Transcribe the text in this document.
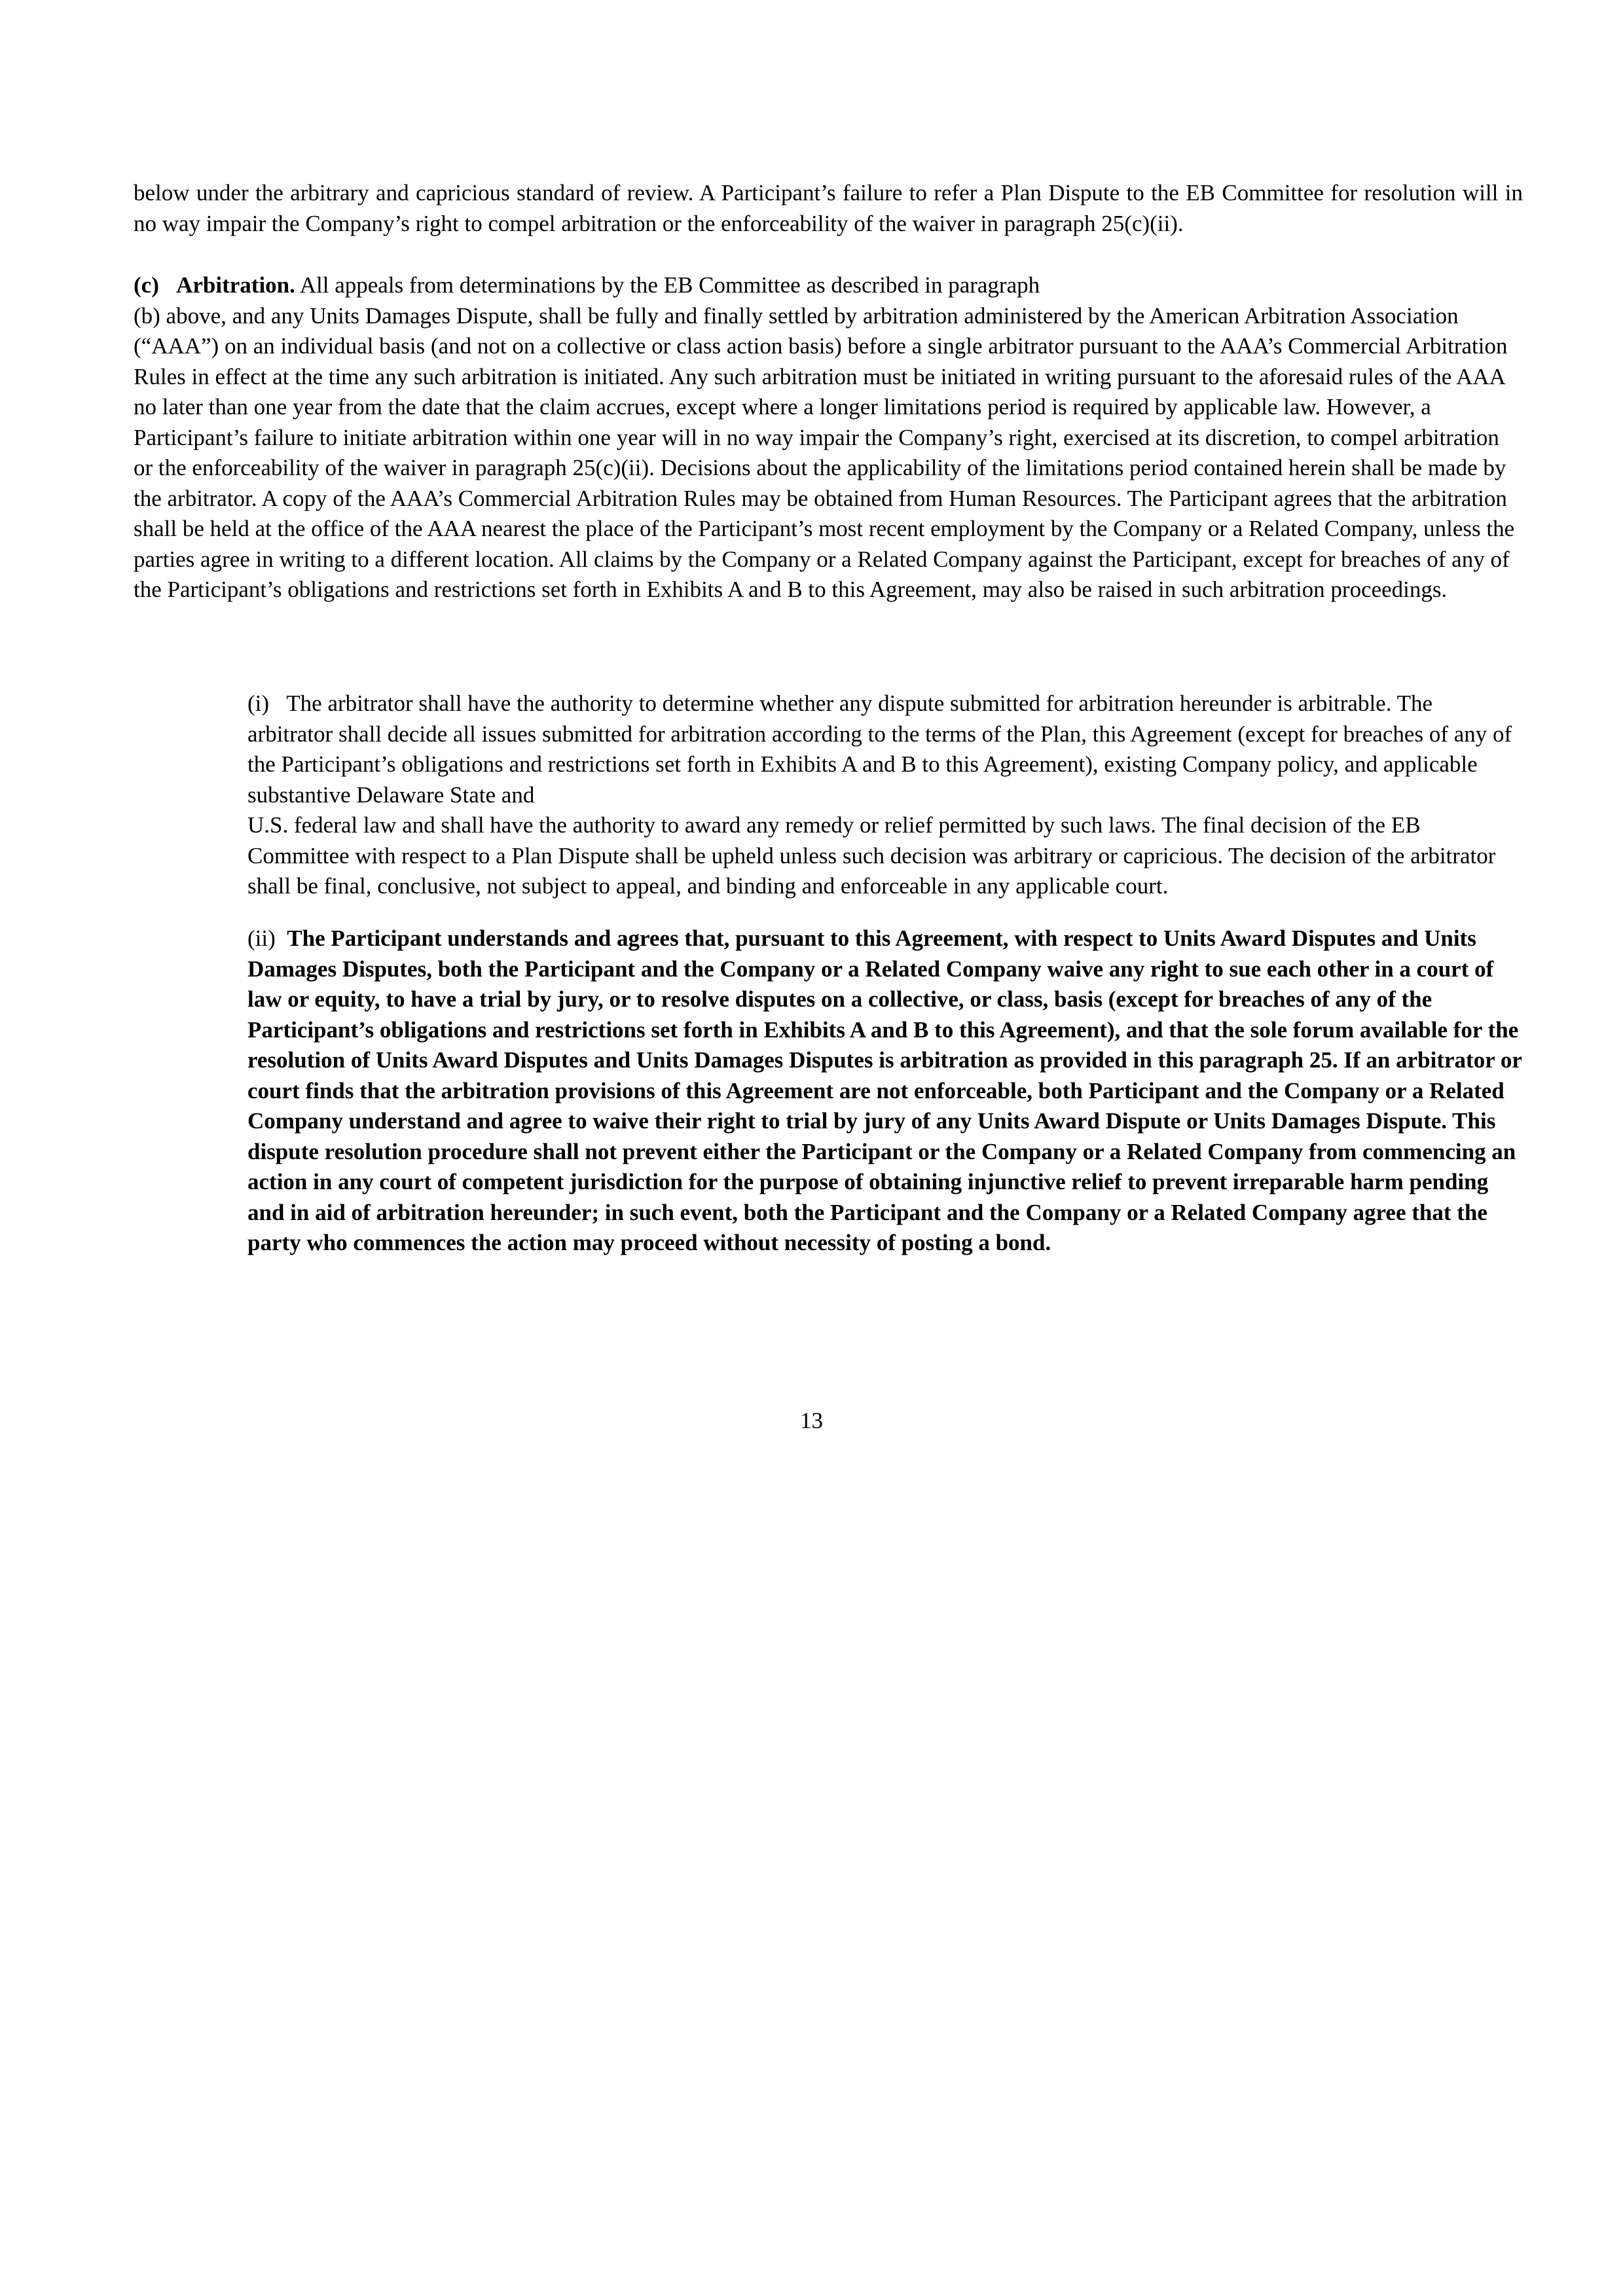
below under the arbitrary and capricious standard of review. A Participant’s failure to refer a Plan Dispute to the EB Committee for resolution will in no way impair the Company’s right to compel arbitration or the enforceability of the waiver in paragraph 25(c)(ii).

(c) Arbitration. All appeals from determinations by the EB Committee as described in paragraph
(b) above, and any Units Damages Dispute, shall be fully and finally settled by arbitration administered by the American Arbitration Association (“AAA”) on an individual basis (and not on a collective or class action basis) before a single arbitrator pursuant to the AAA’s Commercial Arbitration Rules in effect at the time any such arbitration is initiated. Any such arbitration must be initiated in writing pursuant to the aforesaid rules of the AAA no later than one year from the date that the claim accrues, except where a longer limitations period is required by applicable law. However, a Participant’s failure to initiate arbitration within one year will in no way impair the Company’s right, exercised at its discretion, to compel arbitration or the enforceability of the waiver in paragraph 25(c)(ii). Decisions about the applicability of the limitations period contained herein shall be made by the arbitrator. A copy of the AAA’s Commercial Arbitration Rules may be obtained from Human Resources. The Participant agrees that the arbitration shall be held at the office of the AAA nearest the place of the Participant’s most recent employment by the Company or a Related Company, unless the parties agree in writing to a different location. All claims by the Company or a Related Company against the Participant, except for breaches of any of the Participant’s obligations and restrictions set forth in Exhibits A and B to this Agreement, may also be raised in such arbitration proceedings.
(i) The arbitrator shall have the authority to determine whether any dispute submitted for arbitration hereunder is arbitrable. The arbitrator shall decide all issues submitted for arbitration according to the terms of the Plan, this Agreement (except for breaches of any of the Participant’s obligations and restrictions set forth in Exhibits A and B to this Agreement), existing Company policy, and applicable substantive Delaware State and
U.S. federal law and shall have the authority to award any remedy or relief permitted by such laws. The final decision of the EB Committee with respect to a Plan Dispute shall be upheld unless such decision was arbitrary or capricious. The decision of the arbitrator shall be final, conclusive, not subject to appeal, and binding and enforceable in any applicable court.
(ii) The Participant understands and agrees that, pursuant to this Agreement, with respect to Units Award Disputes and Units Damages Disputes, both the Participant and the Company or a Related Company waive any right to sue each other in a court of law or equity, to have a trial by jury, or to resolve disputes on a collective, or class, basis (except for breaches of any of the Participant’s obligations and restrictions set forth in Exhibits A and B to this Agreement), and that the sole forum available for the resolution of Units Award Disputes and Units Damages Disputes is arbitration as provided in this paragraph 25. If an arbitrator or court finds that the arbitration provisions of this Agreement are not enforceable, both Participant and the Company or a Related Company understand and agree to waive their right to trial by jury of any Units Award Dispute or Units Damages Dispute. This dispute resolution procedure shall not prevent either the Participant or the Company or a Related Company from commencing an action in any court of competent jurisdiction for the purpose of obtaining injunctive relief to prevent irreparable harm pending and in aid of arbitration hereunder; in such event, both the Participant and the Company or a Related Company agree that the party who commences the action may proceed without necessity of posting a bond.
13
